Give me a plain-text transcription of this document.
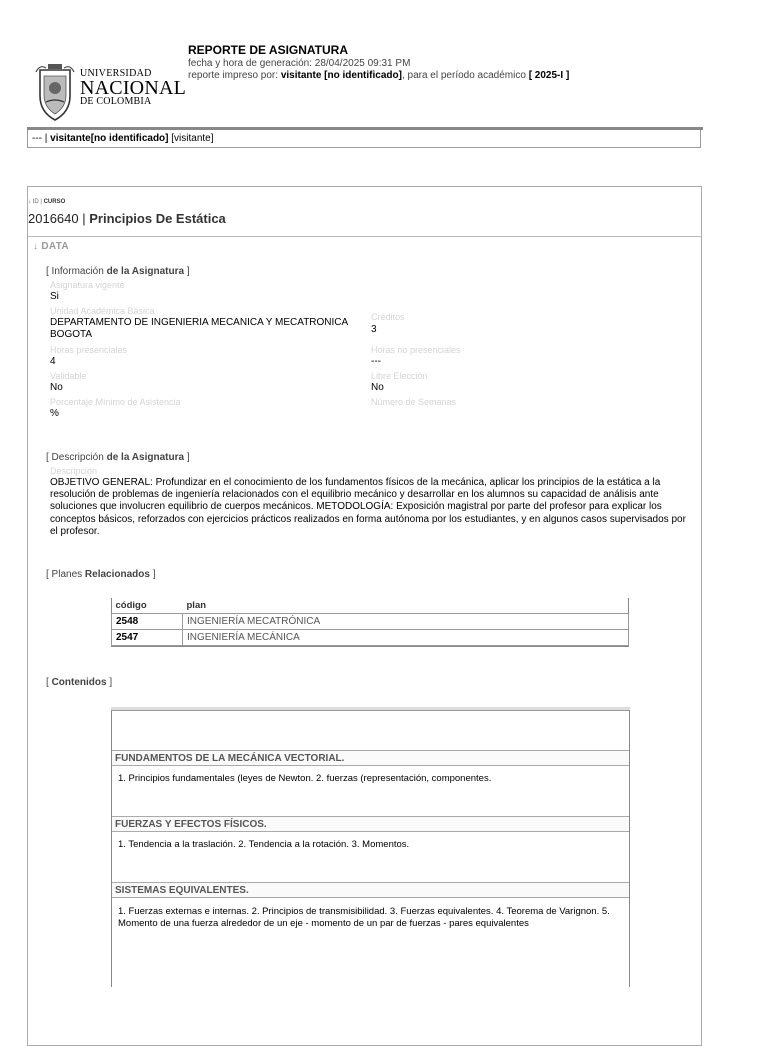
UNIVERSIDAD
NACIONAL
DE COLOMBIA
REPORTE DE ASIGNATURA
fecha y hora de generación: 28/04/2025 09:31 PM
reporte impreso por: visitante [no identificado], para el período académico [ 2025-I ]
--- | visitante[no identificado] [visitante]
↓ ID | CURSO
2016640 | Principios De Estática
↓ DATA
[ Información de la Asignatura ]
Asignatura vigente
Si
Unidad Académica Básica
DEPARTAMENTO DE INGENIERIA MECANICA Y MECATRONICA
BOGOTA
Créditos
3
Horas presenciales
4
Horas no presenciales
---
Validable
No
Libre Elección
No
Porcentaje Mínimo de Asistencia
%
Número de Semanas
[ Descripción de la Asignatura ]
Descripción
OBJETIVO GENERAL: Profundizar en el conocimiento de los fundamentos físicos de la mecánica, aplicar los principios de la estática a la resolución de problemas de ingeniería relacionados con el equilibrio mecánico y desarrollar en los alumnos su capacidad de análisis ante soluciones que involucren equilibrio de cuerpos mecánicos. METODOLOGÍA: Exposición magistral por parte del profesor para explicar los conceptos básicos, reforzados con ejercicios prácticos realizados en forma autónoma por los estudiantes, y en algunos casos supervisados por el profesor.
[ Planes Relacionados ]
código	plan
2548	INGENIERÍA MECATRÓNICA
2547	INGENIERÍA MECÁNICA
[ Contenidos ]
FUNDAMENTOS DE LA MECÁNICA VECTORIAL.
1. Principios fundamentales (leyes de Newton. 2. fuerzas (representación, componentes.
FUERZAS Y EFECTOS FÍSICOS.
1. Tendencia a la traslación. 2. Tendencia a la rotación. 3. Momentos.
SISTEMAS EQUIVALENTES.
1. Fuerzas externas e internas. 2. Principios de transmisibilidad. 3. Fuerzas equivalentes. 4. Teorema de Varignon. 5. Momento de una fuerza alrededor de un eje - momento de un par de fuerzas - pares equivalentes
